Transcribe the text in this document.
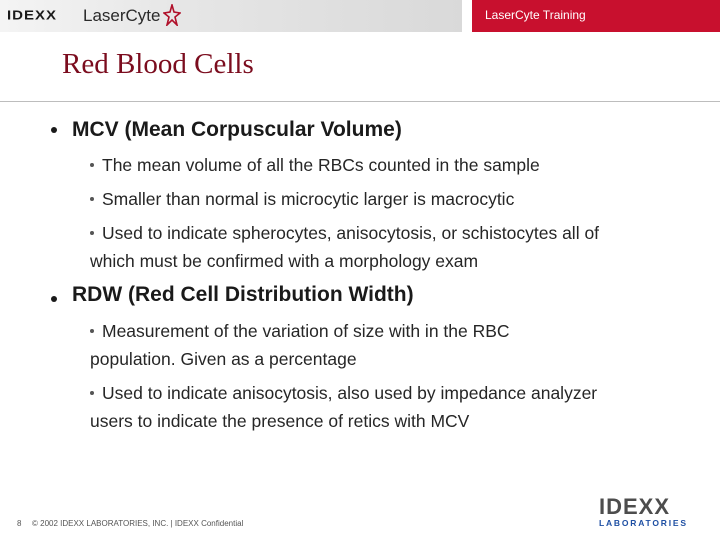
IDEXX LaserCyte	LaserCyte Training
Red Blood Cells
MCV (Mean Corpuscular Volume)
The mean volume of all the RBCs counted in the sample
Smaller than normal is microcytic larger is macrocytic
Used to indicate spherocytes, anisocytosis, or schistocytes all of which must be confirmed with a morphology exam
RDW (Red Cell Distribution Width)
Measurement of the variation of size with in the RBC population. Given as a percentage
Used to indicate anisocytosis, also used by impedance analyzer users to indicate the presence of retics with MCV
8 © 2002 IDEXX LABORATORIES, INC. | IDEXX Confidential
IDEXX
LABORATORIES
